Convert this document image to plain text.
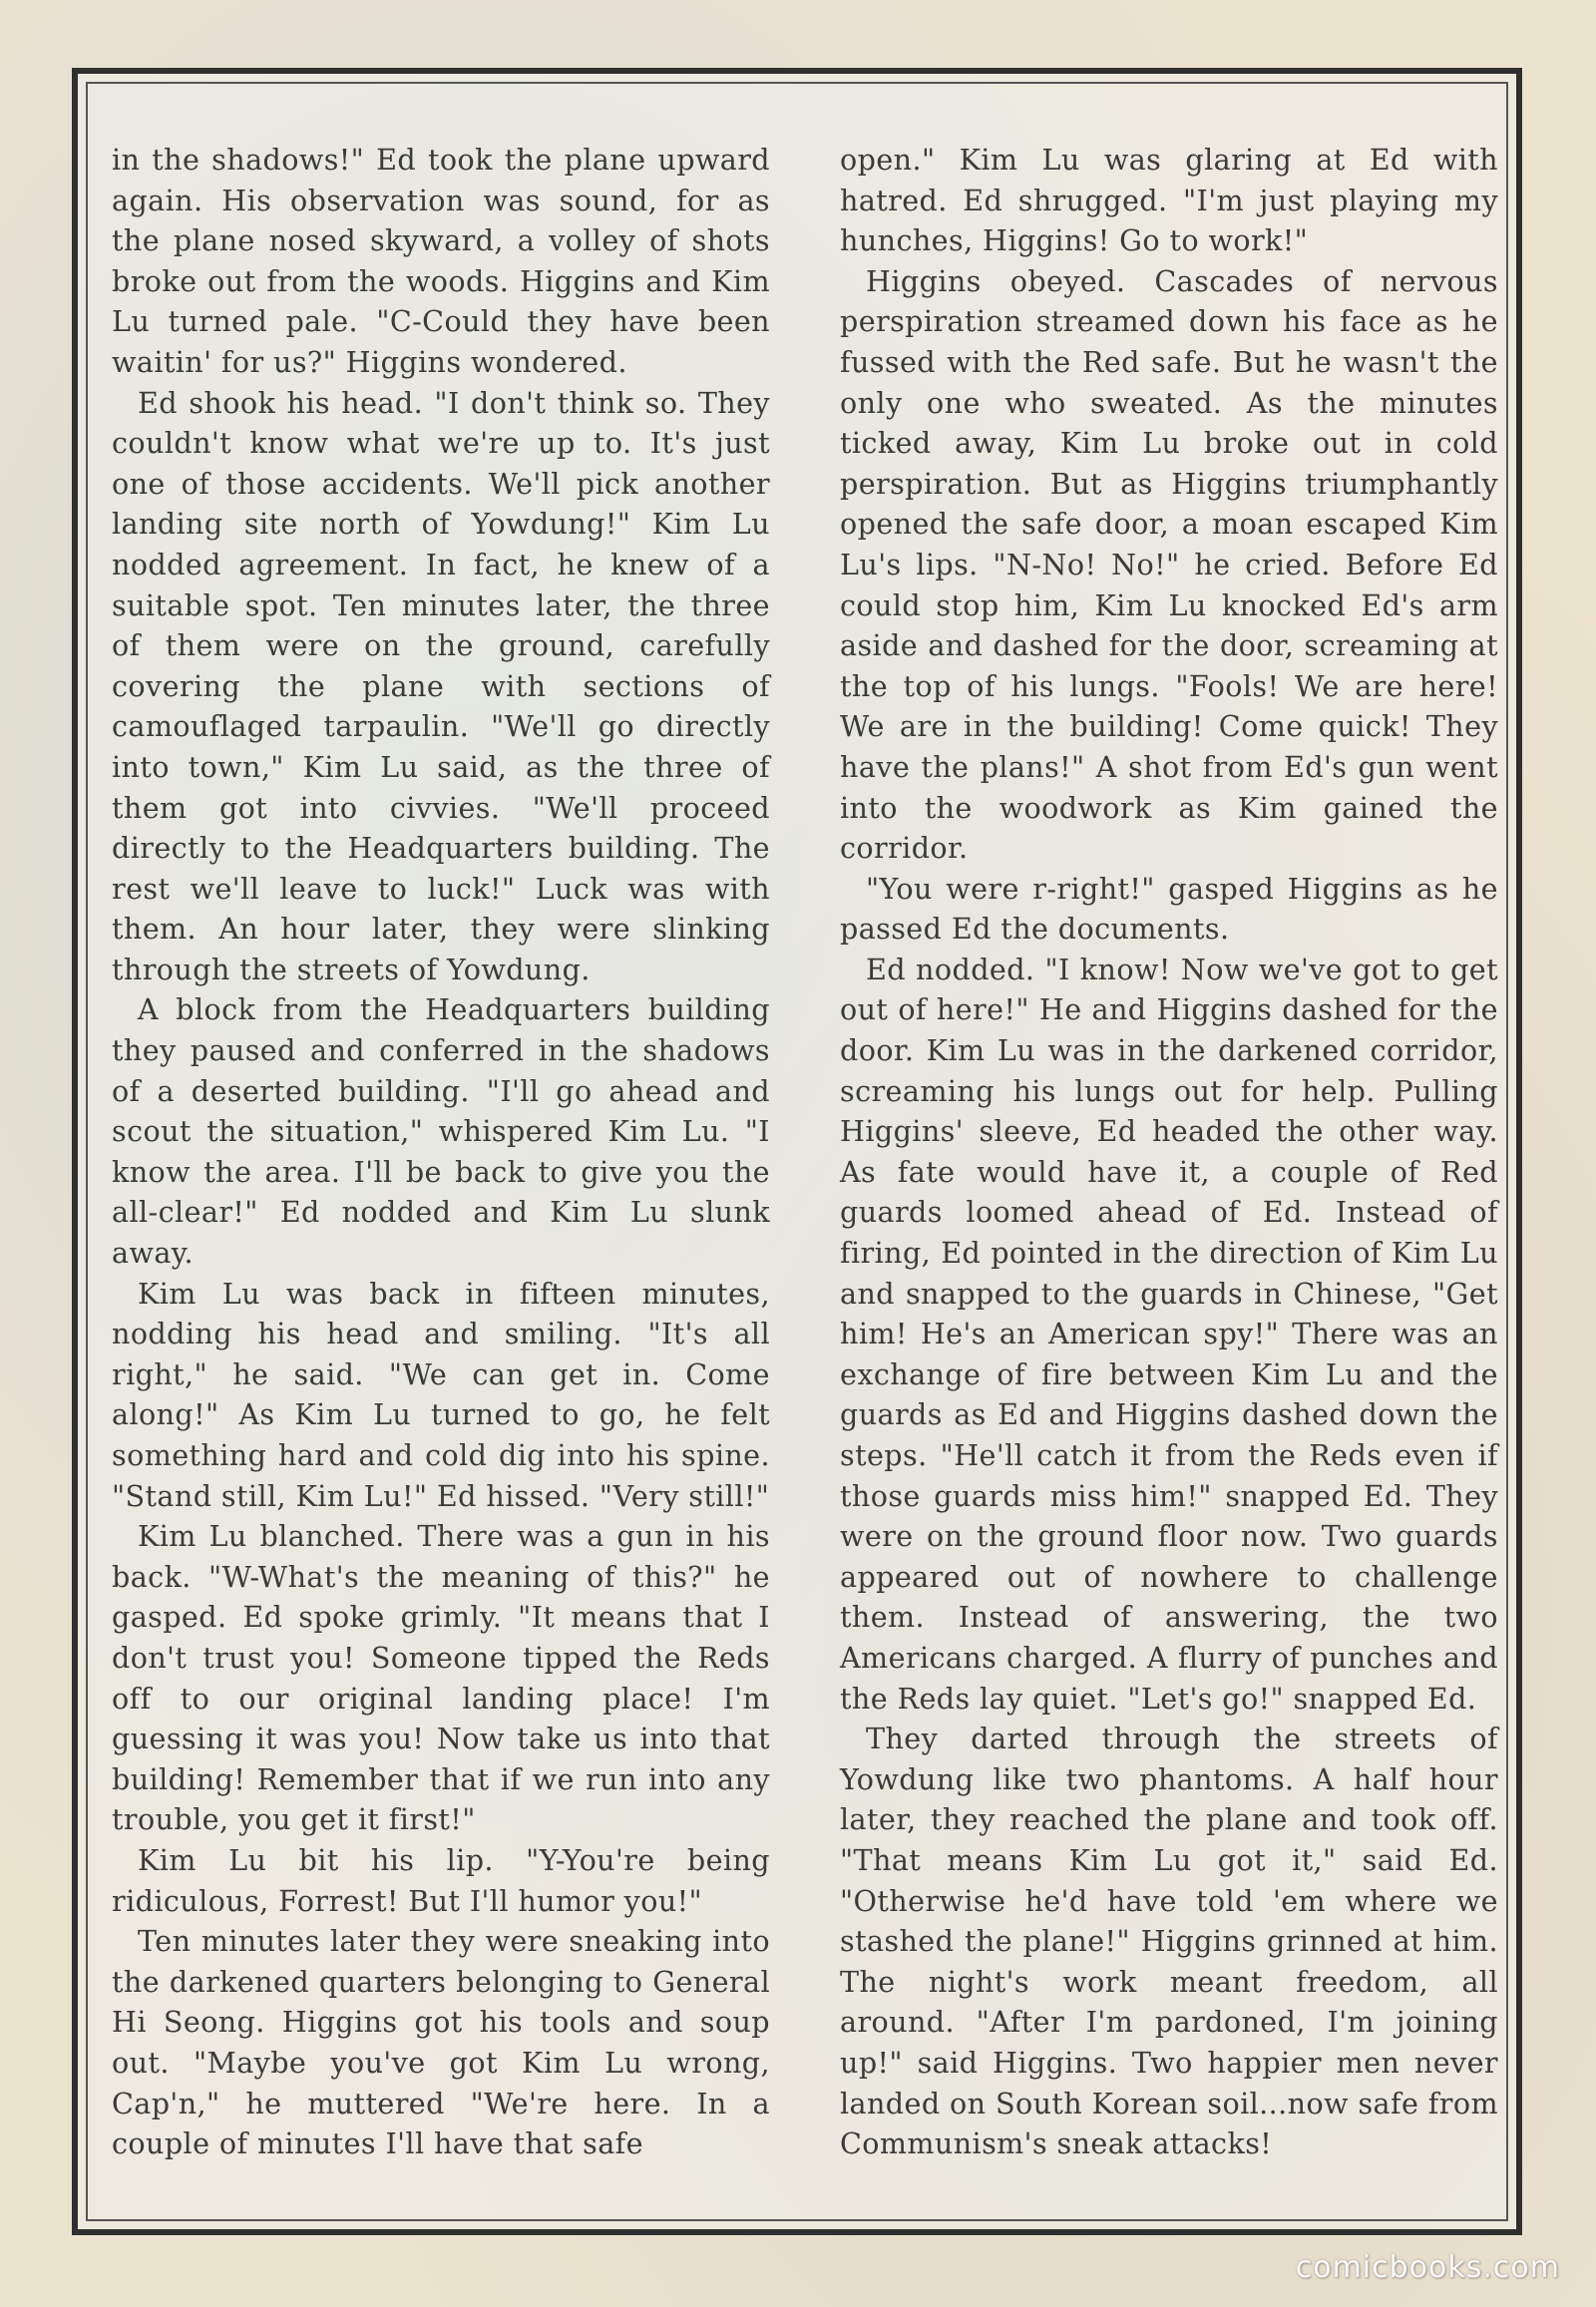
in the shadows!" Ed took the plane upward again. His observation was sound, for as the plane nosed skyward, a volley of shots broke out from the woods. Higgins and Kim Lu turned pale. "C-Could they have been waitin' for us?" Higgins wondered.

Ed shook his head. "I don't think so. They couldn't know what we're up to. It's just one of those accidents. We'll pick another landing site north of Yowdung!" Kim Lu nodded agreement. In fact, he knew of a suitable spot. Ten minutes later, the three of them were on the ground, carefully covering the plane with sections of camouflaged tarpaulin. "We'll go directly into town," Kim Lu said, as the three of them got into civvies. "We'll proceed directly to the Headquarters building. The rest we'll leave to luck!" Luck was with them. An hour later, they were slinking through the streets of Yowdung.

A block from the Headquarters building they paused and conferred in the shadows of a deserted building. "I'll go ahead and scout the situation," whispered Kim Lu. "I know the area. I'll be back to give you the all-clear!" Ed nodded and Kim Lu slunk away.

Kim Lu was back in fifteen minutes, nodding his head and smiling. "It's all right," he said. "We can get in. Come along!" As Kim Lu turned to go, he felt something hard and cold dig into his spine. "Stand still, Kim Lu!" Ed hissed. "Very still!"

Kim Lu blanched. There was a gun in his back. "W-What's the meaning of this?" he gasped. Ed spoke grimly. "It means that I don't trust you! Someone tipped the Reds off to our original landing place! I'm guessing it was you! Now take us into that building! Remember that if we run into any trouble, you get it first!"

Kim Lu bit his lip. "Y-You're being ridiculous, Forrest! But I'll humor you!"

Ten minutes later they were sneaking into the darkened quarters belonging to General Hi Seong. Higgins got his tools and soup out. "Maybe you've got Kim Lu wrong, Cap'n," he muttered "We're here. In a couple of minutes I'll have that safe

open." Kim Lu was glaring at Ed with hatred. Ed shrugged. "I'm just playing my hunches, Higgins! Go to work!"

Higgins obeyed. Cascades of nervous perspiration streamed down his face as he fussed with the Red safe. But he wasn't the only one who sweated. As the minutes ticked away, Kim Lu broke out in cold perspiration. But as Higgins triumphantly opened the safe door, a moan escaped Kim Lu's lips. "N-No! No!" he cried. Before Ed could stop him, Kim Lu knocked Ed's arm aside and dashed for the door, screaming at the top of his lungs. "Fools! We are here! We are in the building! Come quick! They have the plans!" A shot from Ed's gun went into the woodwork as Kim gained the corridor.

"You were r-right!" gasped Higgins as he passed Ed the documents.

Ed nodded. "I know! Now we've got to get out of here!" He and Higgins dashed for the door. Kim Lu was in the darkened corridor, screaming his lungs out for help. Pulling Higgins' sleeve, Ed headed the other way. As fate would have it, a couple of Red guards loomed ahead of Ed. Instead of firing, Ed pointed in the direction of Kim Lu and snapped to the guards in Chinese, "Get him! He's an American spy!" There was an exchange of fire between Kim Lu and the guards as Ed and Higgins dashed down the steps. "He'll catch it from the Reds even if those guards miss him!" snapped Ed. They were on the ground floor now. Two guards appeared out of nowhere to challenge them. Instead of answering, the two Americans charged. A flurry of punches and the Reds lay quiet. "Let's go!" snapped Ed.

They darted through the streets of Yowdung like two phantoms. A half hour later, they reached the plane and took off. "That means Kim Lu got it," said Ed. "Otherwise he'd have told 'em where we stashed the plane!" Higgins grinned at him. The night's work meant freedom, all around. "After I'm pardoned, I'm joining up!" said Higgins. Two happier men never landed on South Korean soil...now safe from Communism's sneak attacks!

comicbooks.com
